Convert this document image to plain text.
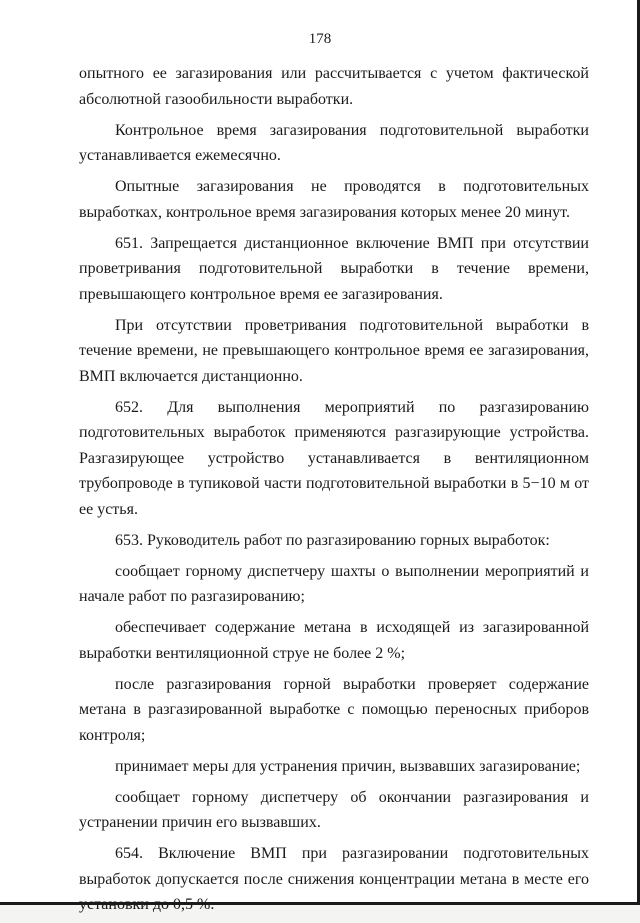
178

опытного ее загазирования или рассчитывается с учетом фактической абсолютной газообильности выработки.

Контрольное время загазирования подготовительной выработки устанавливается ежемесячно.

Опытные загазирования не проводятся в подготовительных выработках, контрольное время загазирования которых менее 20 минут.

651. Запрещается дистанционное включение ВМП при отсутствии проветривания подготовительной выработки в течение времени, превышающего контрольное время ее загазирования.

При отсутствии проветривания подготовительной выработки в течение времени, не превышающего контрольное время ее загазирования, ВМП включается дистанционно.

652. Для выполнения мероприятий по разгазированию подготовительных выработок применяются разгазирующие устройства. Разгазирующее устройство устанавливается в вентиляционном трубопроводе в тупиковой части подготовительной выработки в 5−10 м от ее устья.

653. Руководитель работ по разгазированию горных выработок:

сообщает горному диспетчеру шахты о выполнении мероприятий и начале работ по разгазированию;

обеспечивает содержание метана в исходящей из загазированной выработки вентиляционной струе не более 2 %;

после разгазирования горной выработки проверяет содержание метана в разгазированной выработке с помощью переносных приборов контроля;

принимает меры для устранения причин, вызвавших загазирование;

сообщает горному диспетчеру об окончании разгазирования и устранении причин его вызвавших.

654. Включение ВМП при разгазировании подготовительных выработок допускается после снижения концентрации метана в месте его
